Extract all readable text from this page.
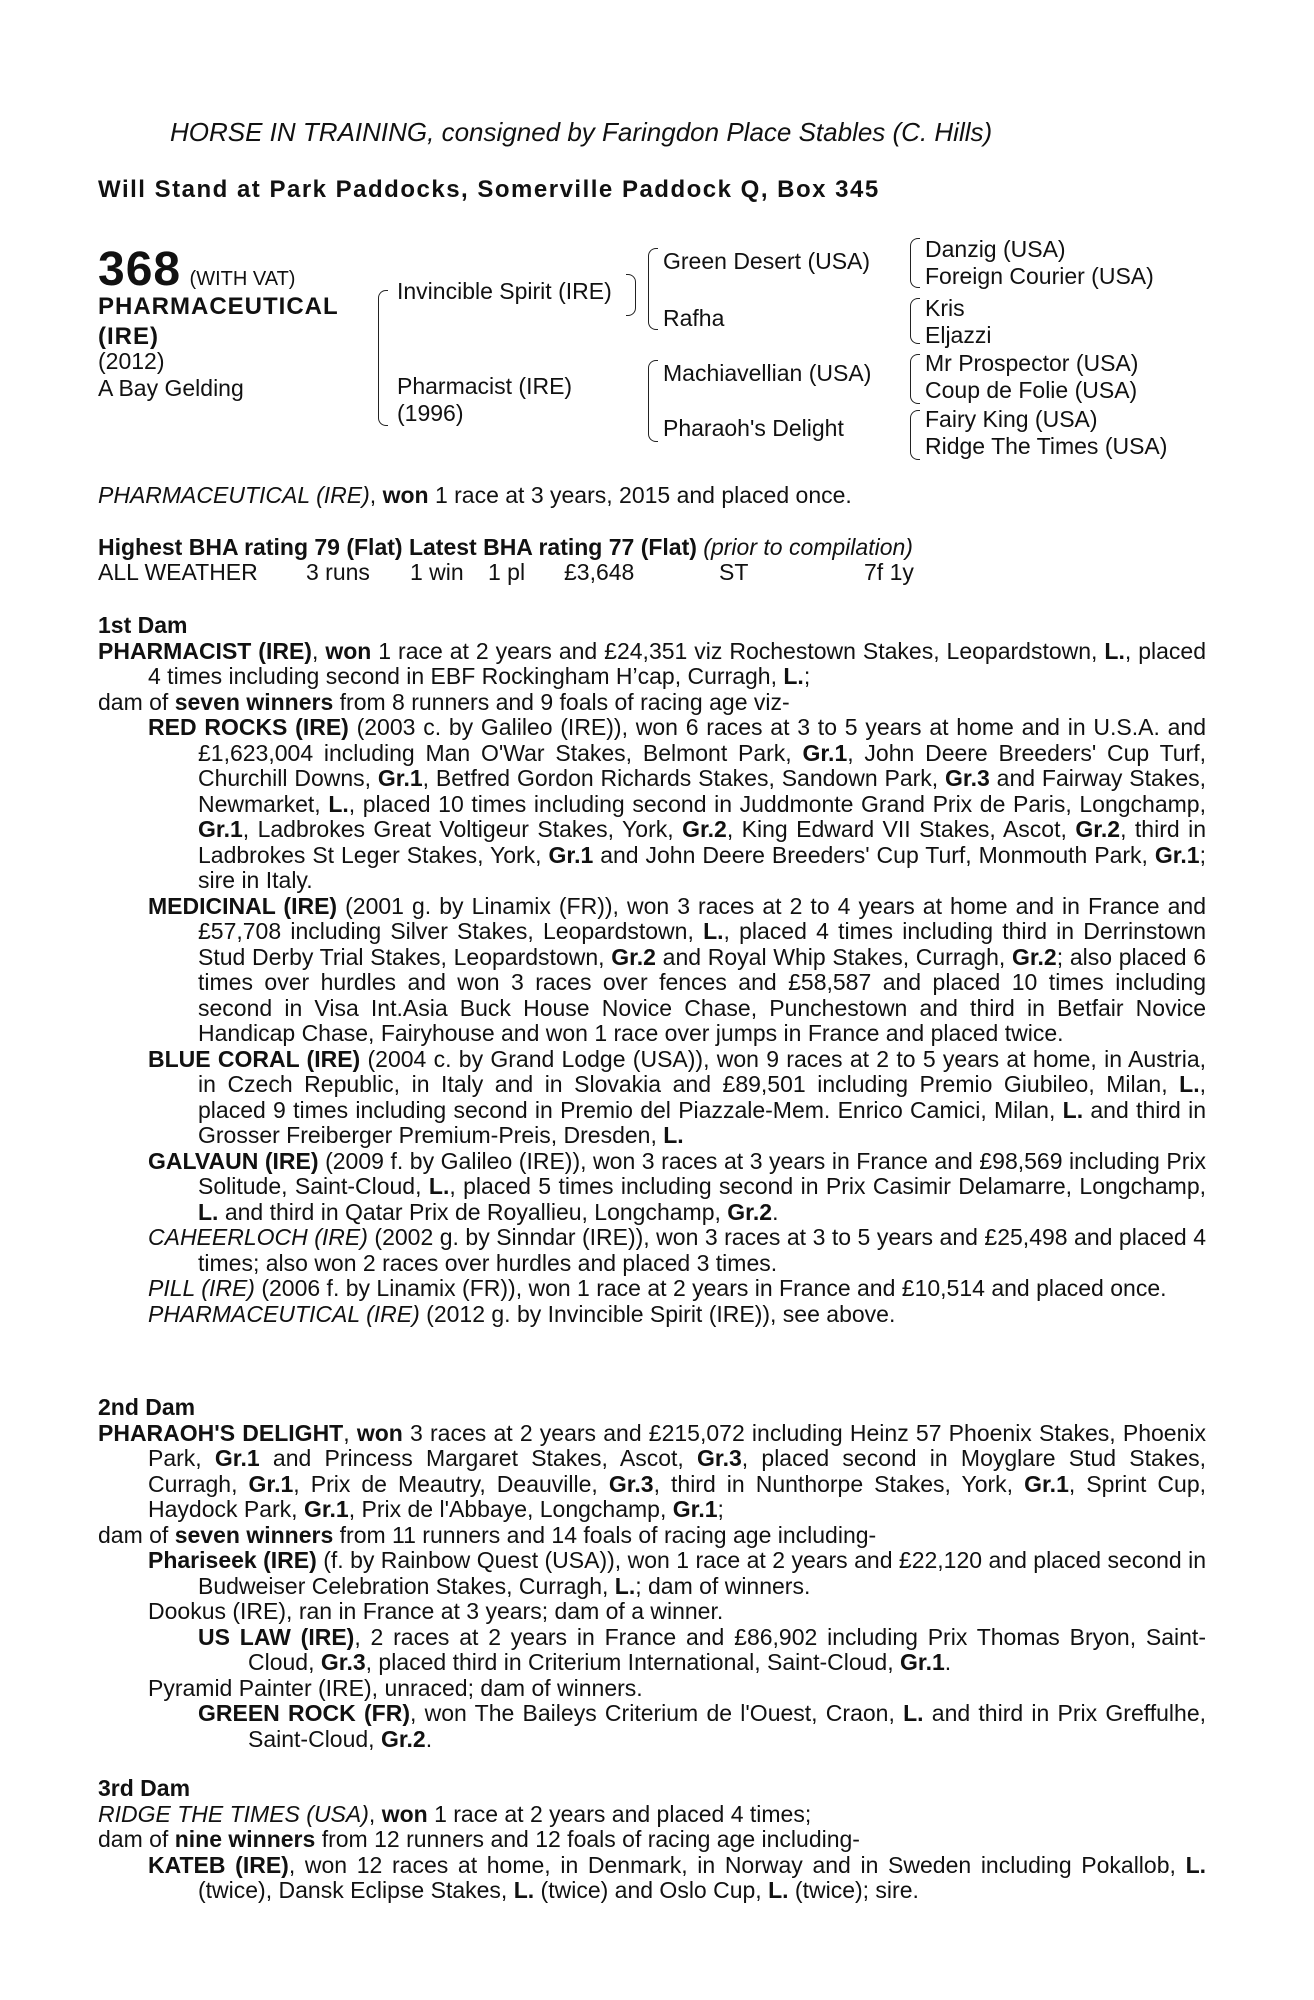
HORSE IN TRAINING, consigned by Faringdon Place Stables (C. Hills)
Will Stand at Park Paddocks, Somerville Paddock Q, Box 345
368 (WITH VAT)
PHARMACEUTICAL
(IRE)
(2012)
A Bay Gelding
Invincible Spirit (IRE)
Pharmacist (IRE)
(1996)
Green Desert (USA)
Rafha
Machiavellian (USA)
Pharaoh's Delight
Danzig (USA)
Foreign Courier (USA)
Kris
Eljazzi
Mr Prospector (USA)
Coup de Folie (USA)
Fairy King (USA)
Ridge The Times (USA)
PHARMACEUTICAL (IRE), won 1 race at 3 years, 2015 and placed once.
Highest BHA rating 79 (Flat) Latest BHA rating 77 (Flat) (prior to compilation)
ALL WEATHER 3 runs 1 win 1 pl £3,648	ST	7f 1y
1st Dam
PHARMACIST (IRE), won 1 race at 2 years and £24,351 viz Rochestown Stakes, Leopardstown, L., placed 4 times including second in EBF Rockingham H’cap, Curragh, L.;
dam of seven winners from 8 runners and 9 foals of racing age viz-
RED ROCKS (IRE) (2003 c. by Galileo (IRE)), won 6 races at 3 to 5 years at home and in U.S.A. and £1,623,004 including Man O'War Stakes, Belmont Park, Gr.1, John Deere Breeders' Cup Turf, Churchill Downs, Gr.1, Betfred Gordon Richards Stakes, Sandown Park, Gr.3 and Fairway Stakes, Newmarket, L., placed 10 times including second in Juddmonte Grand Prix de Paris, Longchamp, Gr.1, Ladbrokes Great Voltigeur Stakes, York, Gr.2, King Edward VII Stakes, Ascot, Gr.2, third in Ladbrokes St Leger Stakes, York, Gr.1 and John Deere Breeders' Cup Turf, Monmouth Park, Gr.1; sire in Italy.
MEDICINAL (IRE) (2001 g. by Linamix (FR)), won 3 races at 2 to 4 years at home and in France and £57,708 including Silver Stakes, Leopardstown, L., placed 4 times including third in Derrinstown Stud Derby Trial Stakes, Leopardstown, Gr.2 and Royal Whip Stakes, Curragh, Gr.2; also placed 6 times over hurdles and won 3 races over fences and £58,587 and placed 10 times including second in Visa Int.Asia Buck House Novice Chase, Punchestown and third in Betfair Novice Handicap Chase, Fairyhouse and won 1 race over jumps in France and placed twice.
BLUE CORAL (IRE) (2004 c. by Grand Lodge (USA)), won 9 races at 2 to 5 years at home, in Austria, in Czech Republic, in Italy and in Slovakia and £89,501 including Premio Giubileo, Milan, L., placed 9 times including second in Premio del Piazzale-Mem. Enrico Camici, Milan, L. and third in Grosser Freiberger Premium-Preis, Dresden, L.
GALVAUN (IRE) (2009 f. by Galileo (IRE)), won 3 races at 3 years in France and £98,569 including Prix Solitude, Saint-Cloud, L., placed 5 times including second in Prix Casimir Delamarre, Longchamp, L. and third in Qatar Prix de Royallieu, Longchamp, Gr.2.
CAHEERLOCH (IRE) (2002 g. by Sinndar (IRE)), won 3 races at 3 to 5 years and £25,498 and placed 4 times; also won 2 races over hurdles and placed 3 times.
PILL (IRE) (2006 f. by Linamix (FR)), won 1 race at 2 years in France and £10,514 and placed once.
PHARMACEUTICAL (IRE) (2012 g. by Invincible Spirit (IRE)), see above.
2nd Dam
PHARAOH'S DELIGHT, won 3 races at 2 years and £215,072 including Heinz 57 Phoenix Stakes, Phoenix Park, Gr.1 and Princess Margaret Stakes, Ascot, Gr.3, placed second in Moyglare Stud Stakes, Curragh, Gr.1, Prix de Meautry, Deauville, Gr.3, third in Nunthorpe Stakes, York, Gr.1, Sprint Cup, Haydock Park, Gr.1, Prix de l'Abbaye, Longchamp, Gr.1;
dam of seven winners from 11 runners and 14 foals of racing age including-
Phariseek (IRE) (f. by Rainbow Quest (USA)), won 1 race at 2 years and £22,120 and placed second in Budweiser Celebration Stakes, Curragh, L.; dam of winners.
Dookus (IRE), ran in France at 3 years; dam of a winner.
US LAW (IRE), 2 races at 2 years in France and £86,902 including Prix Thomas Bryon, Saint-Cloud, Gr.3, placed third in Criterium International, Saint-Cloud, Gr.1.
Pyramid Painter (IRE), unraced; dam of winners.
GREEN ROCK (FR), won The Baileys Criterium de l'Ouest, Craon, L. and third in Prix Greffulhe, Saint-Cloud, Gr.2.
3rd Dam
RIDGE THE TIMES (USA), won 1 race at 2 years and placed 4 times;
dam of nine winners from 12 runners and 12 foals of racing age including-
KATEB (IRE), won 12 races at home, in Denmark, in Norway and in Sweden including Pokallob, L. (twice), Dansk Eclipse Stakes, L. (twice) and Oslo Cup, L. (twice); sire.
